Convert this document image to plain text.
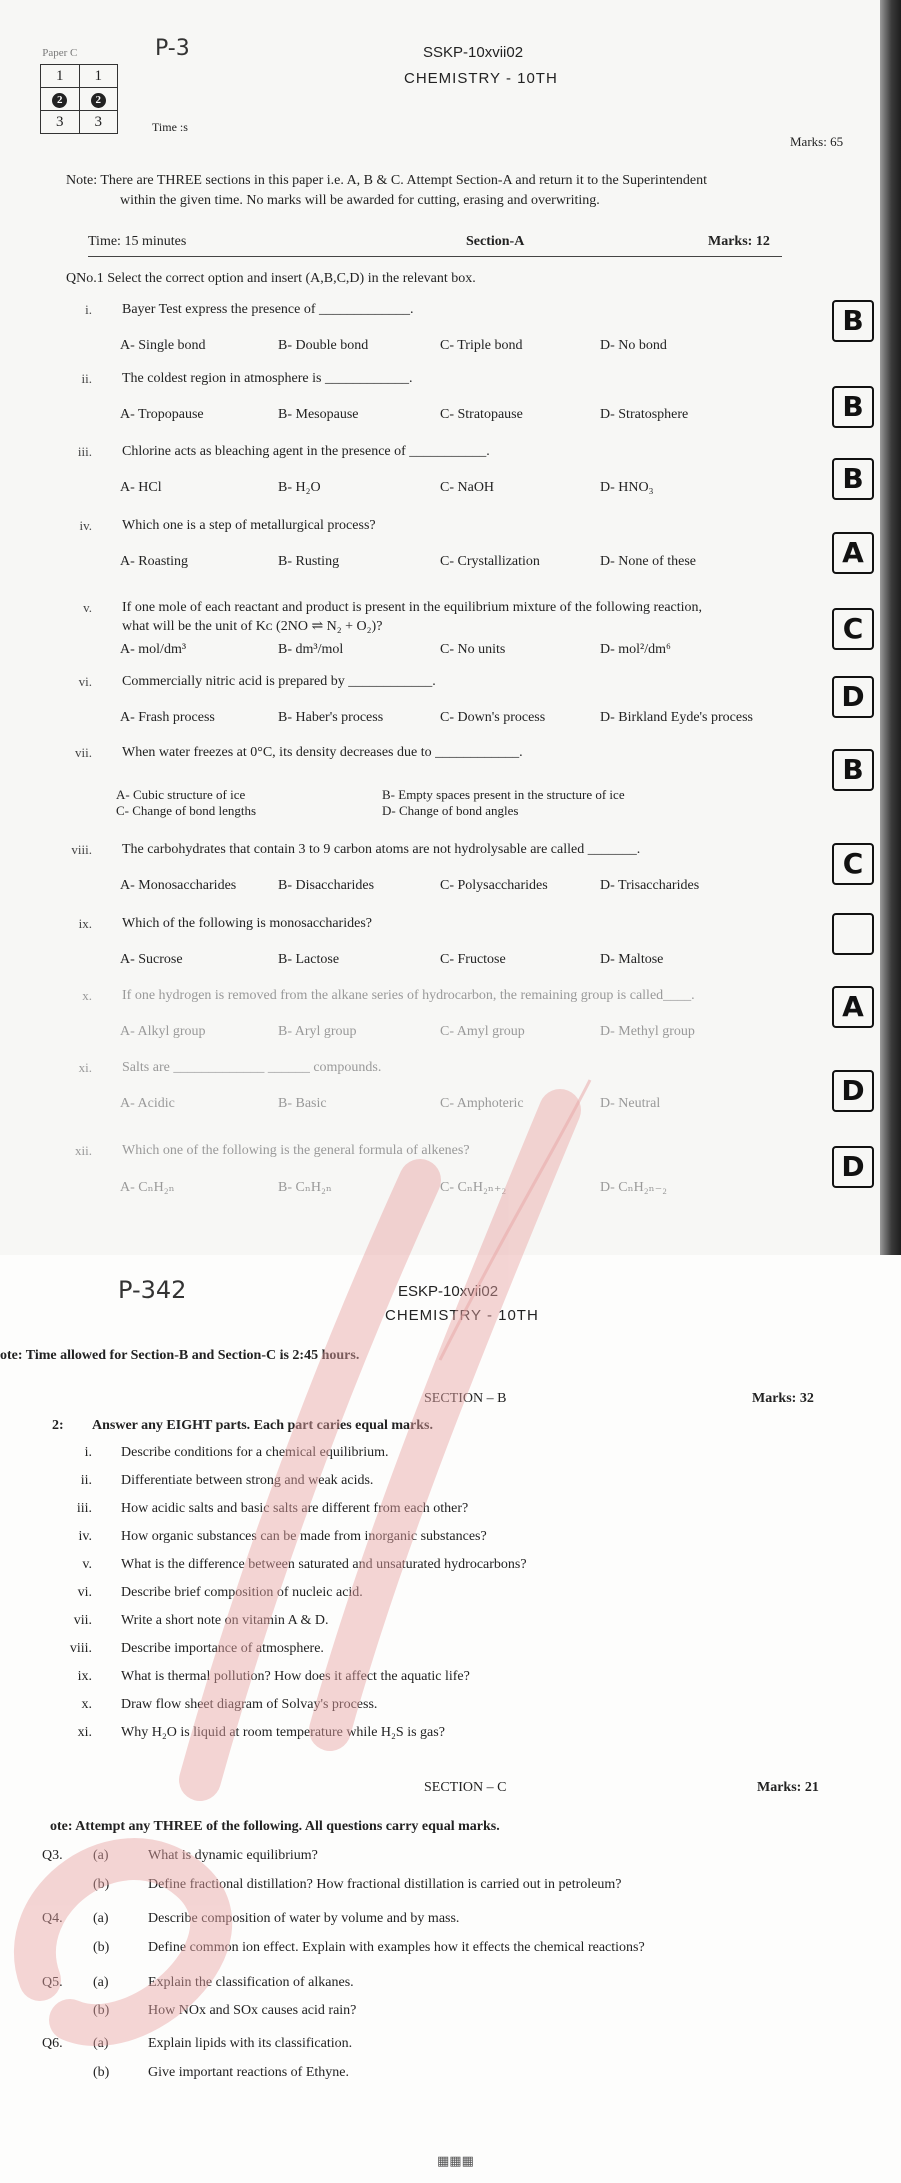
Paper C	
1	1
2	2
3	3
P-3	SSKP-10xvii02
CHEMISTRY - 10TH
Time :s
Marks: 65
Note: There are THREE sections in this paper i.e. A, B & C. Attempt Section-A and return it to the Superintendent
within the given time. No marks will be awarded for cutting, erasing and overwriting.
Time: 15 minutes	Section-A	Marks: 12
QNo.1 Select the correct option and insert (A,B,C,D) in the relevant box.
i. Bayer Test express the presence of _____________.
A- Single bond	B- Double bond	C- Triple bond	D- No bond
B
ii. The coldest region in atmosphere is ____________.
A- Tropopause	B- Mesopause	C- Stratopause	D- Stratosphere	B
iii. Chlorine acts as bleaching agent in the presence of ___________.
A- HCl	B- H₂O	C- NaOH	D- HNO₃	B
iv. Which one is a step of metallurgical process?
A- Roasting	B- Rusting	C- Crystallization	D- None of these	A
v. If one mole of each reactant and product is present in the equilibrium mixture of the following reaction,
what will be the unit of Kᴄ (2NO ⇌ N₂ + O₂)?
A- mol/dm³	B- dm³/mol	C- No units	D- mol²/dm⁶
C
vi. Commercially nitric acid is prepared by ____________.
A- Frash process	B- Haber's process	C- Down's process	D- Birkland Eyde's process
D
vii. When water freezes at 0°C, its density decreases due to ____________.
A- Cubic structure of ice	B- Empty spaces present in the structure of ice
C- Change of bond lengths	D- Change of bond angles
B
viii. The carbohydrates that contain 3 to 9 carbon atoms are not hydrolysable are called _______.
A- Monosaccharides	B- Disaccharides	C- Polysaccharides	D- Trisaccharides
C
ix. Which of the following is monosaccharides?
A- Sucrose	B- Lactose	C- Fructose	D- Maltose
x. If one hydrogen is removed from the alkane series of hydrocarbon, the remaining group is called____.
A- Alkyl group	B- Aryl group	C- Amyl group	D- Methyl group
A
xi. Salts are _____________ ______ compounds.
A- Acidic	B- Basic	C- Amphoteric	D- Neutral	D
xii. Which one of the following is the general formula of alkenes?
A- CₙH₂ₙ	B- CₙH₂ₙ	C- CₙH₂ₙ₊₂	D- CₙH₂ₙ₋₂
D
P-342	ESKP-10xvii02
CHEMISTRY - 10TH
ote: Time allowed for Section-B and Section-C is 2:45 hours.
SECTION – B	Marks: 32
2: Answer any EIGHT parts. Each part caries equal marks.
i. Describe conditions for a chemical equilibrium.
ii. Differentiate between strong and weak acids.
iii. How acidic salts and basic salts are different from each other?
iv. How organic substances can be made from inorganic substances?
v. What is the difference between saturated and unsaturated hydrocarbons?
vi. Describe brief composition of nucleic acid.
vii. Write a short note on vitamin A & D.
viii. Describe importance of atmosphere.
ix. What is thermal pollution? How does it affect the aquatic life?
x. Draw flow sheet diagram of Solvay's process.
xi. Why H₂O is liquid at room temperature while H₂S is gas?
SECTION – C	Marks: 21
ote: Attempt any THREE of the following. All questions carry equal marks.
Q3. (a)	What is dynamic equilibrium?
(b)	Define fractional distillation? How fractional distillation is carried out in petroleum?
Q4. (a)	Describe composition of water by volume and by mass.
(b)	Define common ion effect. Explain with examples how it effects the chemical reactions?
Q5. (a)	Explain the classification of alkanes.
(b)	How NOx and SOx causes acid rain?
Q6. (a)	Explain lipids with its classification.
(b)	Give important reactions of Ethyne.
▦▦▦
